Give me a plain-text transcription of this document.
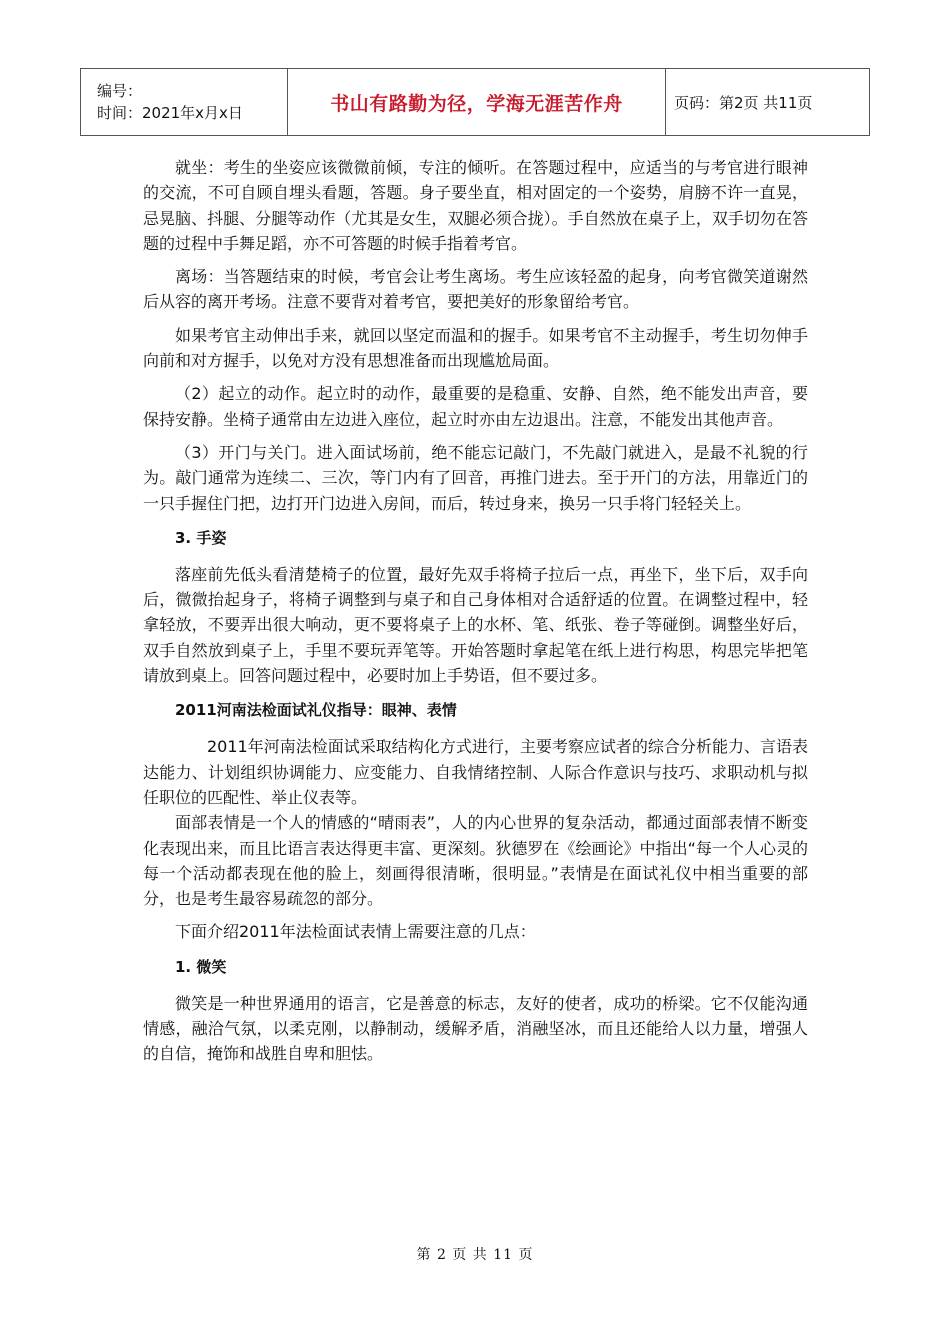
编号：
时间：2021年x月x日	书山有路勤为径，学海无涯苦作舟	页码：第2页 共11页

就坐：考生的坐姿应该微微前倾，专注的倾听。在答题过程中，应适当的与考官进行眼神的交流，不可自顾自埋头看题，答题。身子要坐直，相对固定的一个姿势，肩膀不许一直晃，忌晃脑、抖腿、分腿等动作（尤其是女生，双腿必须合拢）。手自然放在桌子上，双手切勿在答题的过程中手舞足蹈，亦不可答题的时候手指着考官。

离场：当答题结束的时候，考官会让考生离场。考生应该轻盈的起身，向考官微笑道谢然后从容的离开考场。注意不要背对着考官，要把美好的形象留给考官。

如果考官主动伸出手来，就回以坚定而温和的握手。如果考官不主动握手，考生切勿伸手向前和对方握手，以免对方没有思想准备而出现尴尬局面。

（2）起立的动作。起立时的动作，最重要的是稳重、安静、自然，绝不能发出声音，要保持安静。坐椅子通常由左边进入座位，起立时亦由左边退出。注意，不能发出其他声音。

（3）开门与关门。进入面试场前，绝不能忘记敲门，不先敲门就进入，是最不礼貌的行为。敲门通常为连续二、三次，等门内有了回音，再推门进去。至于开门的方法，用靠近门的一只手握住门把，边打开门边进入房间，而后，转过身来，换另一只手将门轻轻关上。

3. 手姿

落座前先低头看清楚椅子的位置，最好先双手将椅子拉后一点，再坐下，坐下后，双手向后，微微抬起身子，将椅子调整到与桌子和自己身体相对合适舒适的位置。在调整过程中，轻拿轻放，不要弄出很大响动，更不要将桌子上的水杯、笔、纸张、卷子等碰倒。调整坐好后，双手自然放到桌子上，手里不要玩弄笔等。开始答题时拿起笔在纸上进行构思，构思完毕把笔请放到桌上。回答问题过程中，必要时加上手势语，但不要过多。

2011河南法检面试礼仪指导：眼神、表情

2011年河南法检面试采取结构化方式进行，主要考察应试者的综合分析能力、言语表达能力、计划组织协调能力、应变能力、自我情绪控制、人际合作意识与技巧、求职动机与拟任职位的匹配性、举止仪表等。

面部表情是一个人的情感的“晴雨表”，人的内心世界的复杂活动，都通过面部表情不断变化表现出来，而且比语言表达得更丰富、更深刻。狄德罗在《绘画论》中指出“每一个人心灵的每一个活动都表现在他的脸上，刻画得很清晰，很明显。”表情是在面试礼仪中相当重要的部分，也是考生最容易疏忽的部分。

下面介绍2011年法检面试表情上需要注意的几点：

1. 微笑

微笑是一种世界通用的语言，它是善意的标志，友好的使者，成功的桥梁。它不仅能沟通情感，融洽气氛，以柔克刚，以静制动，缓解矛盾，消融坚冰，而且还能给人以力量，增强人的自信，掩饰和战胜自卑和胆怯。

第 2 页 共 11 页
